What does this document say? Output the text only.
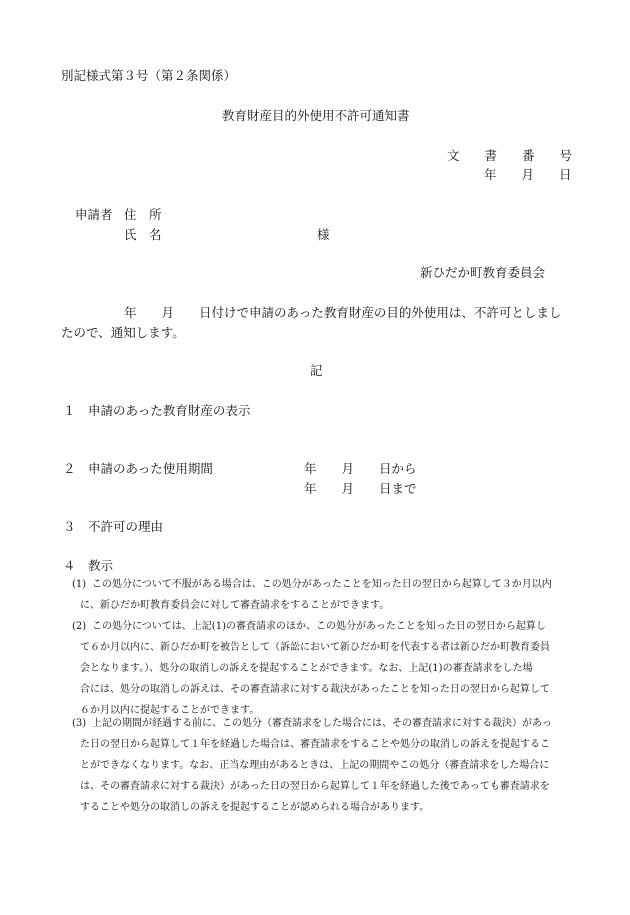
別記様式第３号（第２条関係）
教育財産目的外使用不許可通知書
文　　書　　番　　号
年　　月　　日
申請者 住　所
氏　名	様
新ひだか町教育委員会
年　　月　　日付けで申請のあった教育財産の目的外使用は、不許可としまし
たので、通知します。
記
１ 申請のあった教育財産の表示
２ 申請のあった使用期間	年　　月　　日から
年　　月　　日まで
３ 不許可の理由
４ 教示
(1) この処分について不服がある場合は、この処分があったことを知った日の翌日から起算して３か月以内
に、新ひだか町教育委員会に対して審査請求をすることができます。
(2) この処分については、上記(1)の審査請求のほか、この処分があったことを知った日の翌日から起算し
て６か月以内に、新ひだか町を被告として（訴訟において新ひだか町を代表する者は新ひだか町教育委員
会となります。）、処分の取消しの訴えを提起することができます。なお、上記(1)の審査請求をした場
合には、処分の取消しの訴えは、その審査請求に対する裁決があったことを知った日の翌日から起算して
６か月以内に提起することができます。
(3) 上記の期間が経過する前に、この処分（審査請求をした場合には、その審査請求に対する裁決）があっ
た日の翌日から起算して１年を経過した場合は、審査請求をすることや処分の取消しの訴えを提起するこ
とができなくなります。なお、正当な理由があるときは、上記の期間やこの処分（審査請求をした場合に
は、その審査請求に対する裁決）があった日の翌日から起算して１年を経過した後であっても審査請求を
することや処分の取消しの訴えを提起することが認められる場合があります。
